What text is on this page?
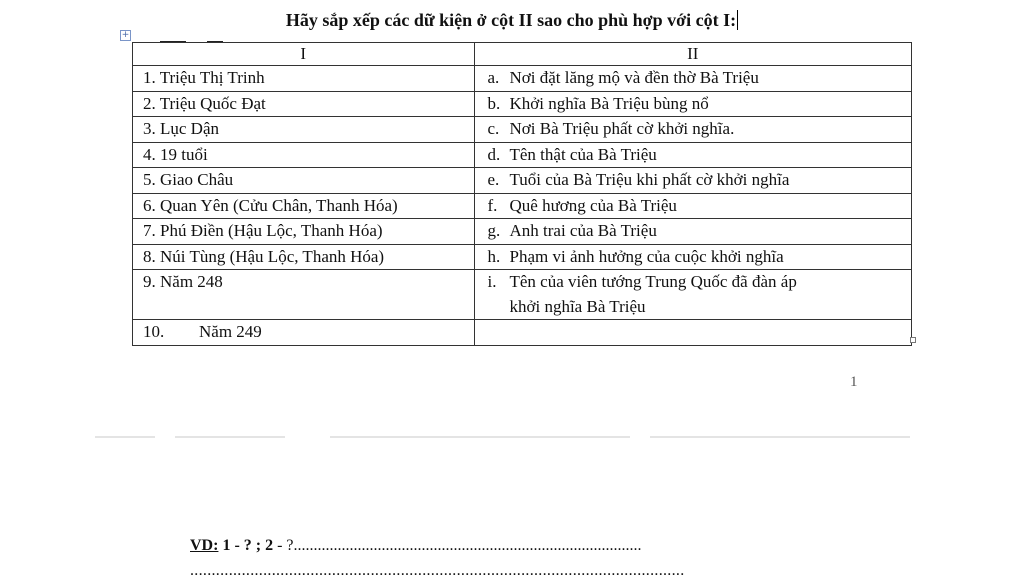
Hãy sắp xếp các dữ kiện ở cột II sao cho phù hợp với cột I:
+
I	II
1. Triệu Thị Trinh	a. Nơi đặt lăng mộ và đền thờ Bà Triệu
2. Triệu Quốc Đạt	b. Khởi nghĩa Bà Triệu bùng nổ
3. Lục Dận	c. Nơi Bà Triệu phất cờ khởi nghĩa.
4. 19 tuổi	d. Tên thật của Bà Triệu
5. Giao Châu	e. Tuổi của Bà Triệu khi phất cờ khởi nghĩa
6. Quan Yên (Cửu Chân, Thanh Hóa)	f. Quê hương của Bà Triệu
7. Phú Điền (Hậu Lộc, Thanh Hóa)	g. Anh trai của Bà Triệu
8. Núi Tùng (Hậu Lộc, Thanh Hóa)	h. Phạm vi ảnh hưởng của cuộc khởi nghĩa
9. Năm 248	i. Tên của viên tướng Trung Quốc đã đàn áp
khởi nghĩa Bà Triệu
10. Năm 249	
1
VD: 1 - ? ; 2 - ?.......................................................................................
...................................................................................................................
